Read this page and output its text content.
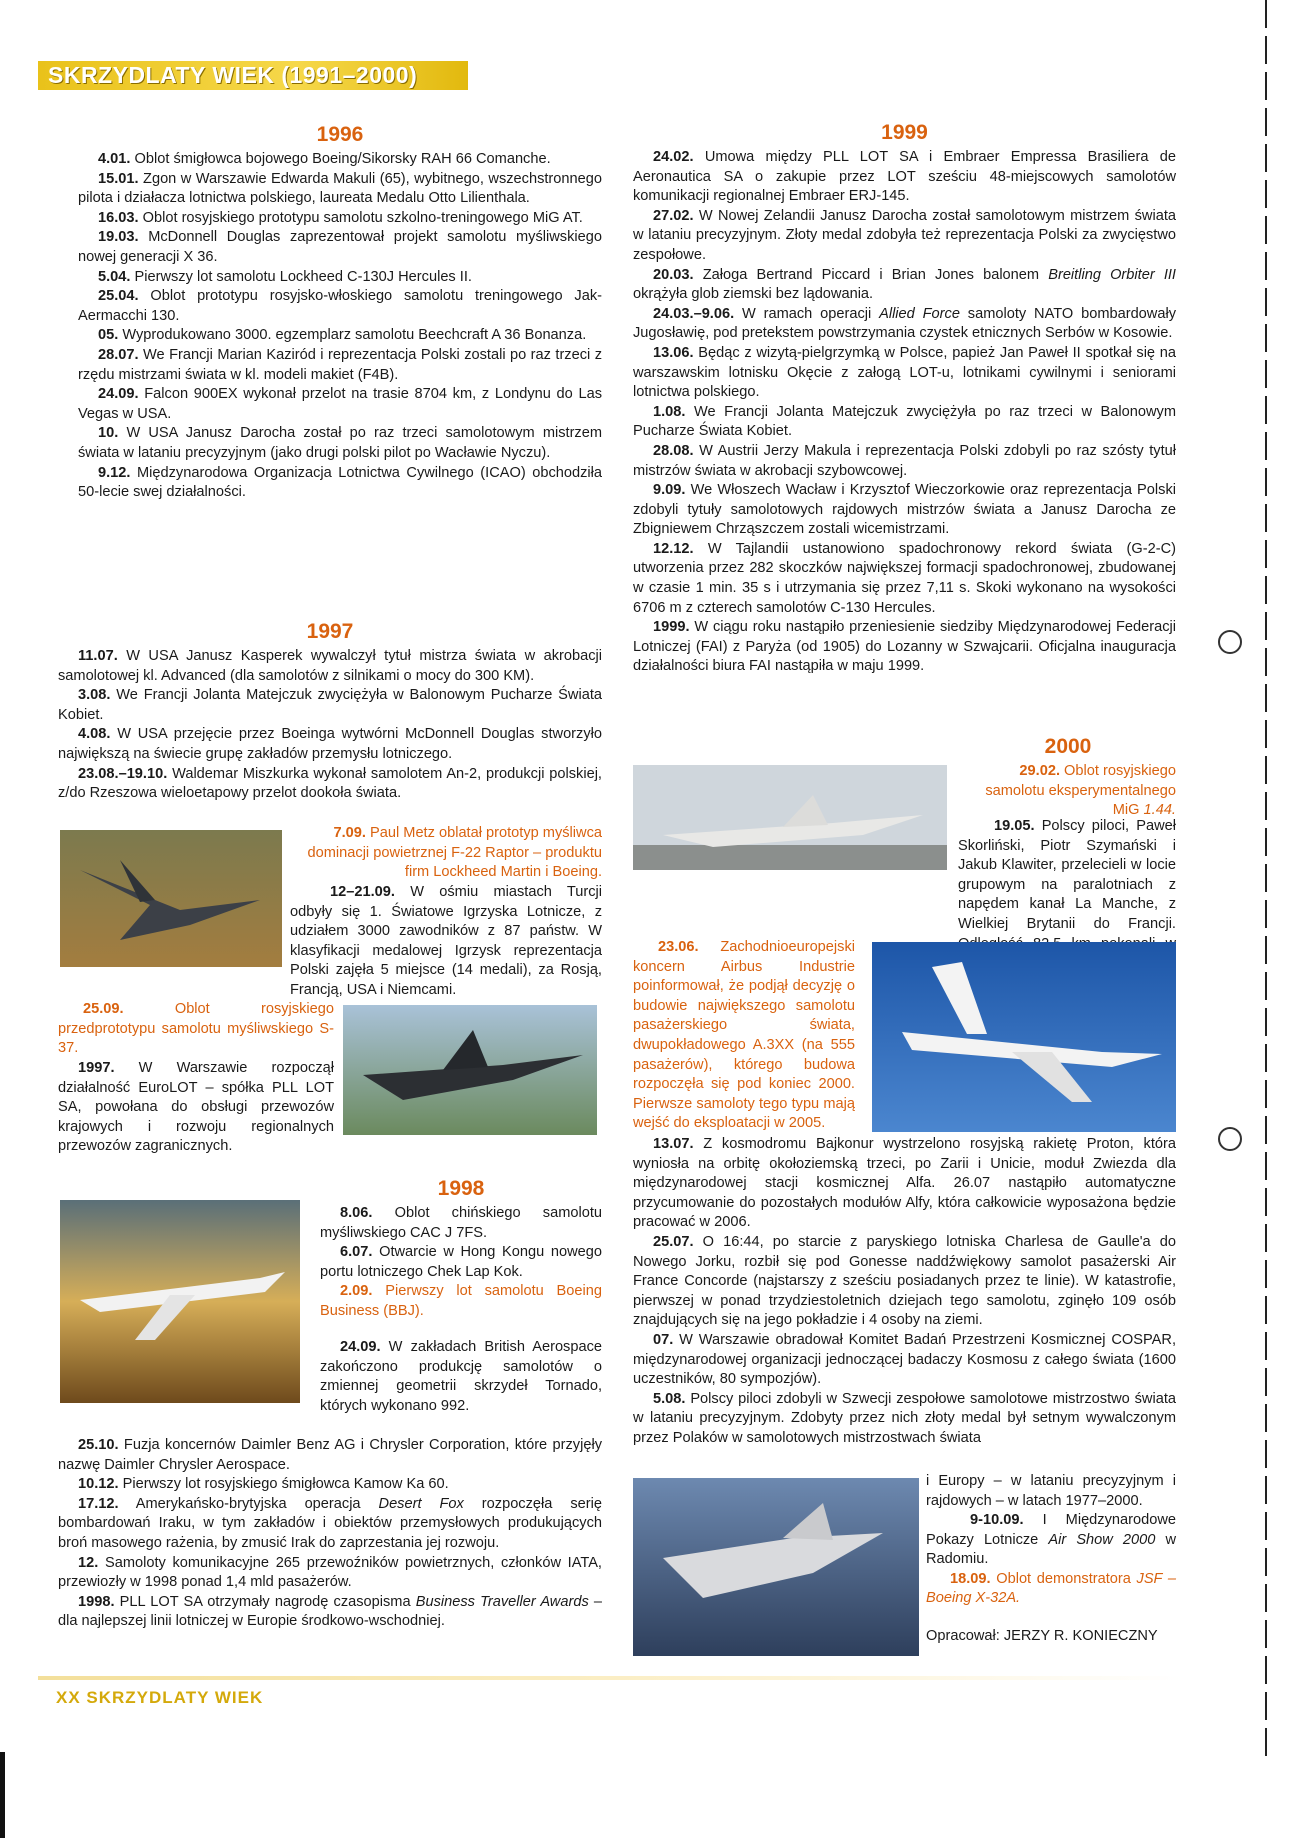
SKRZYDLATY WIEK (1991–2000)
1996

4.01. Oblot śmigłowca bojowego Boeing/Sikorsky RAH 66 Comanche.

15.01. Zgon w Warszawie Edwarda Makuli (65), wybitnego, wszechstronnego pilota i działacza lotnictwa polskiego, laureata Medalu Otto Lilienthala.

16.03. Oblot rosyjskiego prototypu samolotu szkolno-treningowego MiG AT.

19.03. McDonnell Douglas zaprezentował projekt samolotu myśliwskiego nowej generacji X 36.

5.04. Pierwszy lot samolotu Lockheed C-130J Hercules II.

25.04. Oblot prototypu rosyjsko-włoskiego samolotu treningowego Jak-Aermacchi 130.

05. Wyprodukowano 3000. egzemplarz samolotu Beechcraft A 36 Bonanza.

28.07. We Francji Marian Kaziród i reprezentacja Polski zostali po raz trzeci z rzędu mistrzami świata w kl. modeli makiet (F4B).

24.09. Falcon 900EX wykonał przelot na trasie 8704 km, z Londynu do Las Vegas w USA.

10. W USA Janusz Darocha został po raz trzeci samolotowym mistrzem świata w lataniu precyzyjnym (jako drugi polski pilot po Wacławie Nyczu).

9.12. Międzynarodowa Organizacja Lotnictwa Cywilnego (ICAO) obchodziła 50-lecie swej działalności.

1997

11.07. W USA Janusz Kasperek wywalczył tytuł mistrza świata w akrobacji samolotowej kl. Advanced (dla samolotów z silnikami o mocy do 300 KM).

3.08. We Francji Jolanta Matejczuk zwyciężyła w Balonowym Pucharze Świata Kobiet.

4.08. W USA przejęcie przez Boeinga wytwórni McDonnell Douglas stworzyło największą na świecie grupę zakładów przemysłu lotniczego.

23.08.–19.10. Waldemar Miszkurka wykonał samolotem An-2, produkcji polskiej, z/do Rzeszowa wieloetapowy przelot dookoła świata.

7.09. Paul Metz oblatał prototyp myśliwca dominacji powietrznej F-22 Raptor – produktu firm Lockheed Martin i Boeing.

12–21.09. W ośmiu miastach Turcji odbyły się 1. Światowe Igrzyska Lotnicze, z udziałem 3000 zawodników z 87 państw. W klasyfikacji medalowej Igrzysk reprezentacja Polski zajęła 5 miejsce (14 medali), za Rosją, Francją, USA i Niemcami.

25.09. Oblot rosyjskiego przedprototypu samolotu myśliwskiego S-37.

1997. W Warszawie rozpoczął działalność EuroLOT – spółka PLL LOT SA, powołana do obsługi przewozów krajowych i rozwoju regionalnych przewozów zagranicznych.

1998

8.06. Oblot chińskiego samolotu myśliwskiego CAC J 7FS.

6.07. Otwarcie w Hong Kongu nowego portu lotniczego Chek Lap Kok.

2.09. Pierwszy lot samolotu Boeing Business (BBJ).

24.09. W zakładach British Aerospace zakończono produkcję samolotów o zmiennej geometrii skrzydeł Tornado, których wykonano 992.

25.10. Fuzja koncernów Daimler Benz AG i Chrysler Corporation, które przyjęły nazwę Daimler Chrysler Aerospace.

10.12. Pierwszy lot rosyjskiego śmigłowca Kamow Ka 60.

17.12. Amerykańsko-brytyjska operacja Desert Fox rozpoczęła serię bombardowań Iraku, w tym zakładów i obiektów przemysłowych produkujących broń masowego rażenia, by zmusić Irak do zaprzestania jej rozwoju.

12. Samoloty komunikacyjne 265 przewoźników powietrznych, członków IATA, przewiozły w 1998 ponad 1,4 mld pasażerów.

1998. PLL LOT SA otrzymały nagrodę czasopisma Business Traveller Awards – dla najlepszej linii lotniczej w Europie środkowo-wschodniej.

1999

24.02. Umowa między PLL LOT SA i Embraer Empressa Brasiliera de Aeronautica SA o zakupie przez LOT sześciu 48-miejscowych samolotów komunikacji regionalnej Embraer ERJ-145.

27.02. W Nowej Zelandii Janusz Darocha został samolotowym mistrzem świata w lataniu precyzyjnym. Złoty medal zdobyła też reprezentacja Polski za zwycięstwo zespołowe.

20.03. Załoga Bertrand Piccard i Brian Jones balonem Breitling Orbiter III okrążyła glob ziemski bez lądowania.

24.03.–9.06. W ramach operacji Allied Force samoloty NATO bombardowały Jugosławię, pod pretekstem powstrzymania czystek etnicznych Serbów w Kosowie.

13.06. Będąc z wizytą-pielgrzymką w Polsce, papież Jan Paweł II spotkał się na warszawskim lotnisku Okęcie z załogą LOT-u, lotnikami cywilnymi i seniorami lotnictwa polskiego.

1.08. We Francji Jolanta Matejczuk zwyciężyła po raz trzeci w Balonowym Pucharze Świata Kobiet.

28.08. W Austrii Jerzy Makula i reprezentacja Polski zdobyli po raz szósty tytuł mistrzów świata w akrobacji szybowcowej.

9.09. We Włoszech Wacław i Krzysztof Wieczorkowie oraz reprezentacja Polski zdobyli tytuły samolotowych rajdowych mistrzów świata a Janusz Darocha ze Zbigniewem Chrząszczem zostali wicemistrzami.

12.12. W Tajlandii ustanowiono spadochronowy rekord świata (G-2-C) utworzenia przez 282 skoczków największej formacji spadochronowej, zbudowanej w czasie 1 min. 35 s i utrzymania się przez 7,11 s. Skoki wykonano na wysokości 6706 m z czterech samolotów C-130 Hercules.

1999. W ciągu roku nastąpiło przeniesienie siedziby Międzynarodowej Federacji Lotniczej (FAI) z Paryża (od 1905) do Lozanny w Szwajcarii. Oficjalna inauguracja działalności biura FAI nastąpiła w maju 1999.

2000

29.02. Oblot rosyjskiego samolotu eksperymentalnego MiG 1.44.

19.05. Polscy piloci, Paweł Skorliński, Piotr Szymański i Jakub Klawiter, przelecieli w locie grupowym na paralotniach z napędem kanał La Manche, z Wielkiej Brytanii do Francji.

23.06. Zachodnioeuropejski koncern Airbus Industrie poinformował, że podjął decyzję o budowie największego samolotu pasażerskiego świata, dwupokładowego A.3XX (na 555 pasażerów), którego budowa rozpoczęła się pod koniec 2000. Pierwsze samoloty tego typu mają wejść do eksploatacji w 2005.

13.07. Z kosmodromu Bajkonur wystrzelono rosyjską rakietę Proton, która wyniosła na orbitę okołoziemską trzeci, po Zarii i Unicie, moduł Zwiezda dla międzynarodowej stacji kosmicznej Alfa. 26.07 nastąpiło automatyczne przycumowanie do pozostałych modułów Alfy, która całkowicie wyposażona będzie pracować w 2006.

25.07. O 16:44, po starcie z paryskiego lotniska Charlesa de Gaulle'a do Nowego Jorku, rozbił się pod Gonesse naddźwiękowy samolot pasażerski Air France Concorde (najstarszy z sześciu posiadanych przez te linie). W katastrofie, pierwszej w ponad trzydziestoletnich dziejach tego samolotu, zginęło 109 osób znajdujących się na jego pokładzie i 4 osoby na ziemi.

07. W Warszawie obradował Komitet Badań Przestrzeni Kosmicznej COSPAR, międzynarodowej organizacji jednoczącej badaczy Kosmosu z całego świata (1600 uczestników, 80 sympozjów).

5.08. Polscy piloci zdobyli w Szwecji zespołowe samolotowe mistrzostwo świata w lataniu precyzyjnym. Zdobyty przez nich złoty medal był setnym wywalczonym przez Polaków w samolotowych mistrzostwach świata

i Europy – w lataniu precyzyjnym i rajdowych – w latach 1977–2000.

9-10.09. I Międzynarodowe Pokazy Lotnicze Air Show 2000 w Radomiu.

18.09. Oblot demonstratora JSF – Boeing X-32A.

Opracował: JERZY R. KONIECZNY
XX SKRZYDLATY WIEK
